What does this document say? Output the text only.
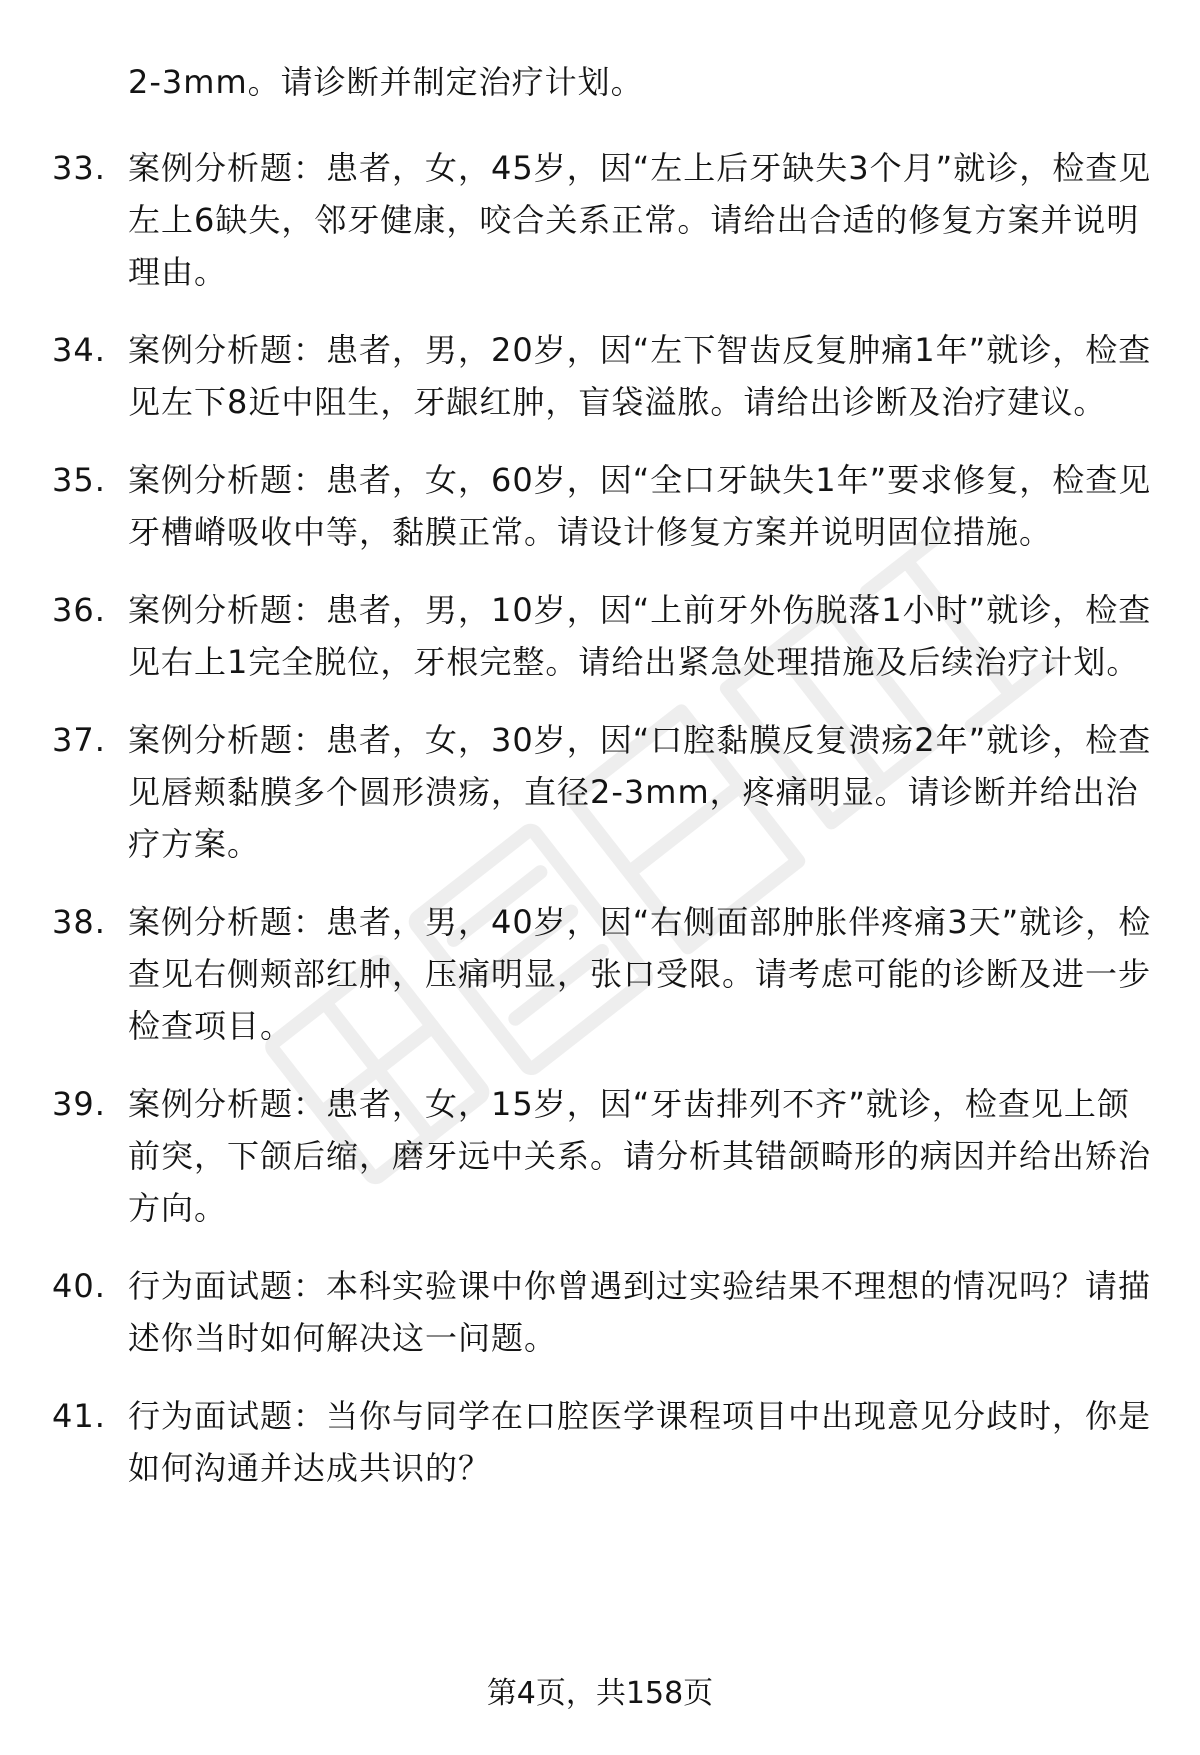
2-3mm。请诊断并制定治疗计划。
33. 案例分析题：患者，女，45岁，因“左上后牙缺失3个月”就诊，检查见左上6缺失，邻牙健康，咬合关系正常。请给出合适的修复方案并说明理由。
34. 案例分析题：患者，男，20岁，因“左下智齿反复肿痛1年”就诊，检查见左下8近中阻生，牙龈红肿，盲袋溢脓。请给出诊断及治疗建议。
35. 案例分析题：患者，女，60岁，因“全口牙缺失1年”要求修复，检查见牙槽嵴吸收中等，黏膜正常。请设计修复方案并说明固位措施。
36. 案例分析题：患者，男，10岁，因“上前牙外伤脱落1小时”就诊，检查见右上1完全脱位，牙根完整。请给出紧急处理措施及后续治疗计划。
37. 案例分析题：患者，女，30岁，因“口腔黏膜反复溃疡2年”就诊，检查见唇颊黏膜多个圆形溃疡，直径2-3mm，疼痛明显。请诊断并给出治疗方案。
38. 案例分析题：患者，男，40岁，因“右侧面部肿胀伴疼痛3天”就诊，检查见右侧颊部红肿，压痛明显，张口受限。请考虑可能的诊断及进一步检查项目。
39. 案例分析题：患者，女，15岁，因“牙齿排列不齐”就诊，检查见上颌前突，下颌后缩，磨牙远中关系。请分析其错颌畸形的病因并给出矫治方向。
40. 行为面试题：本科实验课中你曾遇到过实验结果不理想的情况吗？请描述你当时如何解决这一问题。
41. 行为面试题：当你与同学在口腔医学课程项目中出现意见分歧时，你是如何沟通并达成共识的？
第4页，共158页
